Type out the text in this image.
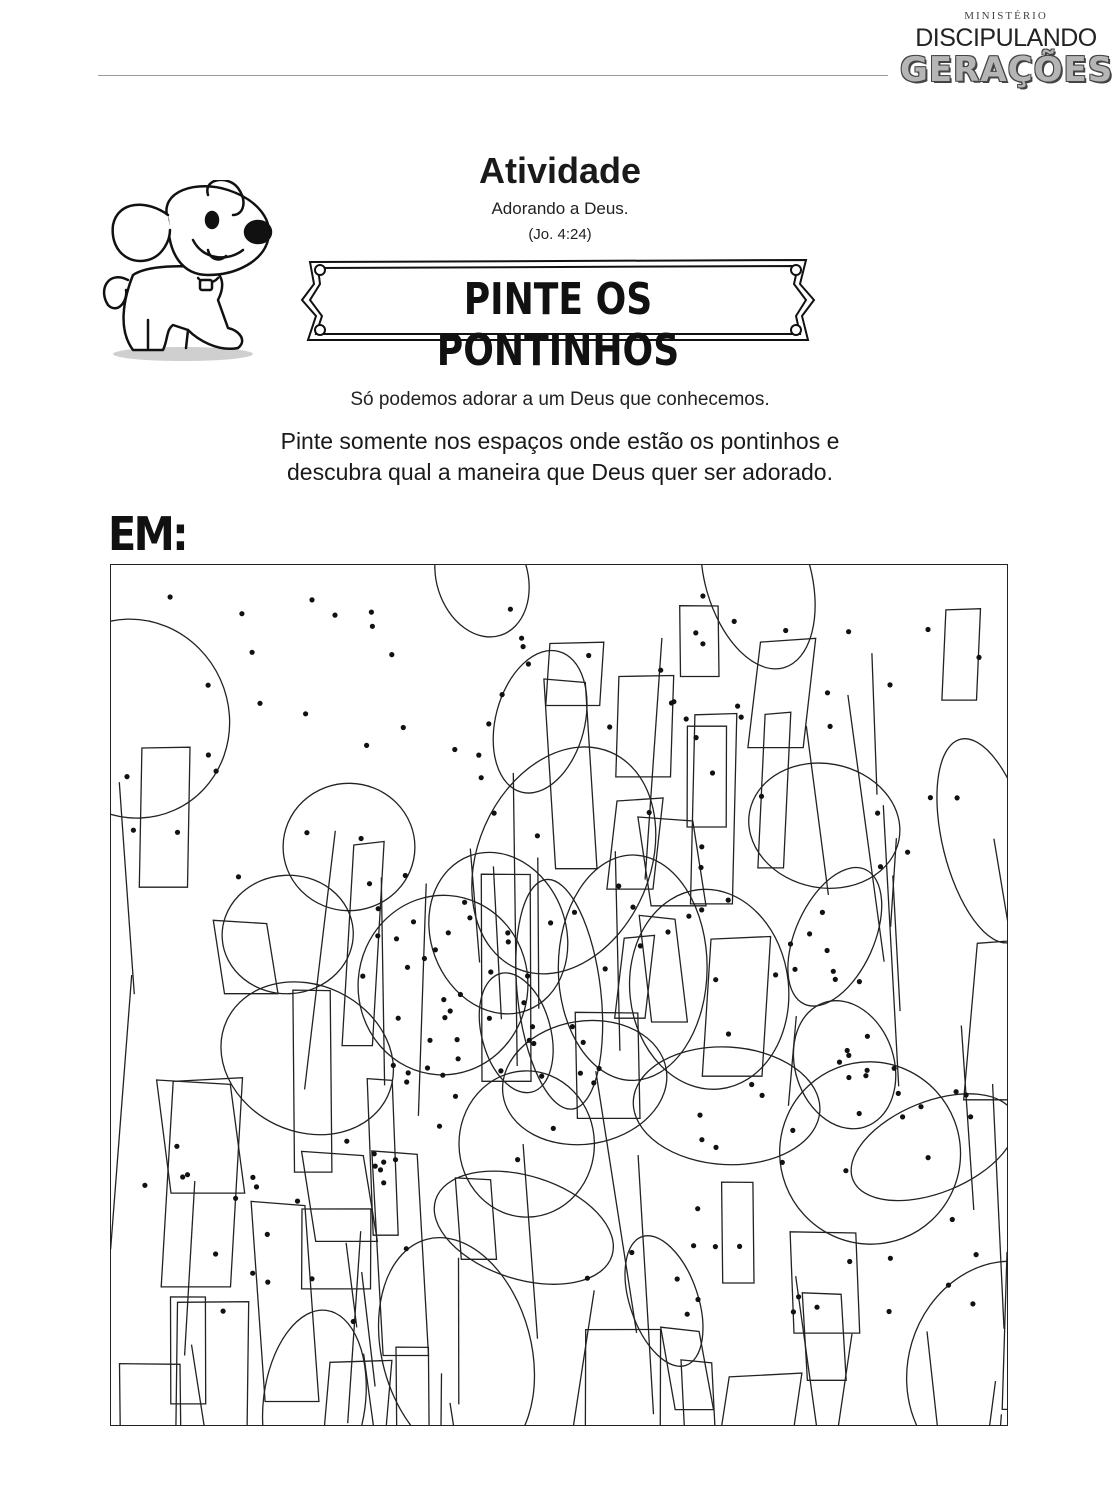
MINISTÉRIO
DISCIPULANDO
GERAÇÕES
Atividade
Adorando a Deus.
(Jo. 4:24)
PINTE OS PONTINHOS
Só podemos adorar a um Deus que conhecemos.
Pinte somente nos espaços onde estão os pontinhos e
descubra qual a maneira que Deus quer ser adorado.
EM:
